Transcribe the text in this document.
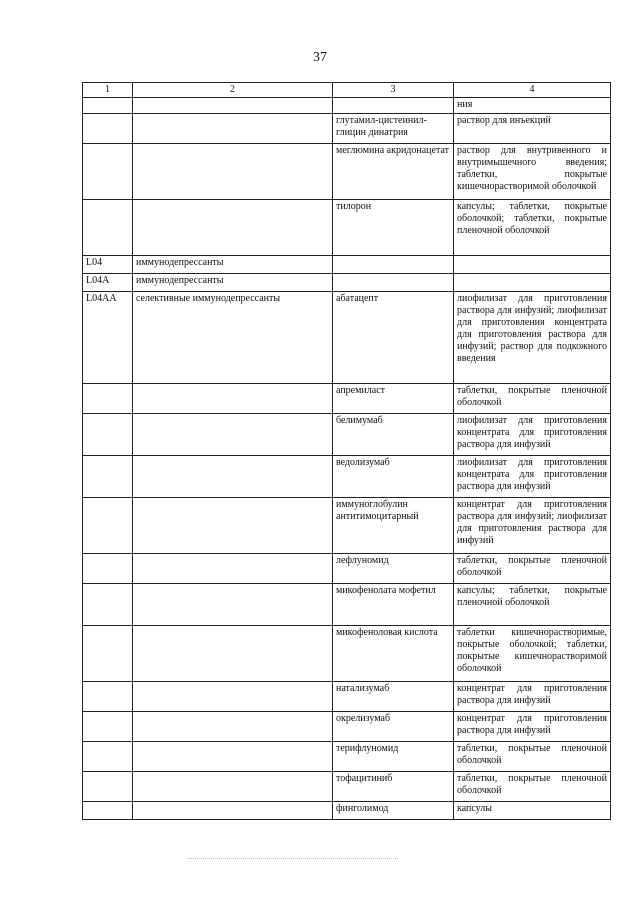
37
1	2	3	4
			ния
		глутамил-цистеинил-глицин динатрия	раствор для инъекций
		меглюмина акридонацетат	раствор для внутривенного и внутримышечного введения; таблетки, покрытые кишечнорастворимой оболочкой
		тилорон	капсулы; таблетки, покрытые оболочкой; таблетки, покрытые пленочной оболочкой
L04	иммунодепрессанты		
L04A	иммунодепрессанты		
L04AA	селективные иммунодепрессанты	абатацепт	лиофилизат для приготовления раствора для инфузий; лиофилизат для приготовления концентрата для приготовления раствора для инфузий; раствор для подкожного введения
		апремиласт	таблетки, покрытые пленочной оболочкой
		белимумаб	лиофилизат для приготовления концентрата для приготовления раствора для инфузий
		ведолизумаб	лиофилизат для приготовления концентрата для приготовления раствора для инфузий
		иммуноглобулин антитимоцитарный	концентрат для приготовления раствора для инфузий; лиофилизат для приготовления раствора для инфузий
		лефлуномид	таблетки, покрытые пленочной оболочкой
		микофенолата мофетил	капсулы; таблетки, покрытые пленочной оболочкой
		микофеноловая кислота	таблетки кишечнорастворимые, покрытые оболочкой; таблетки, покрытые кишечнорастворимой оболочкой
		натализумаб	концентрат для приготовления раствора для инфузий
		окрелизумаб	концентрат для приготовления раствора для инфузий
		терифлуномид	таблетки, покрытые пленочной оболочкой
		тофацитиниб	таблетки, покрытые пленочной оболочкой
		финголимод	капсулы
